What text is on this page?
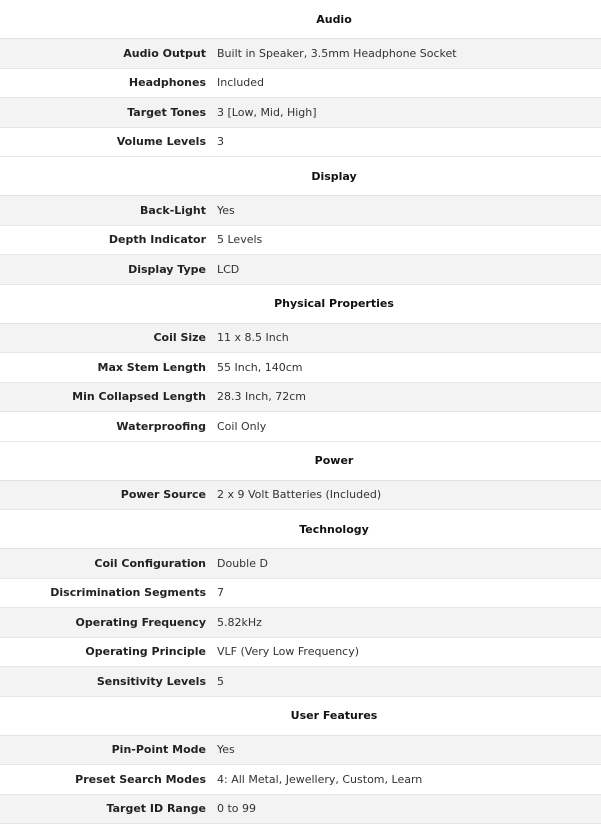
Audio
Audio Output	Built in Speaker, 3.5mm Headphone Socket
Headphones	Included
Target Tones	3 [Low, Mid, High]
Volume Levels	3
Display
Back-Light	Yes
Depth Indicator	5 Levels
Display Type	LCD
Physical Properties
Coil Size	11 x 8.5 Inch
Max Stem Length	55 Inch, 140cm
Min Collapsed Length	28.3 Inch, 72cm
Waterproofing	Coil Only
Power
Power Source	2 x 9 Volt Batteries (Included)
Technology
Coil Configuration	Double D
Discrimination Segments	7
Operating Frequency	5.82kHz
Operating Principle	VLF (Very Low Frequency)
Sensitivity Levels	5
User Features
Pin-Point Mode	Yes
Preset Search Modes	4: All Metal, Jewellery, Custom, Learn
Target ID Range	0 to 99
